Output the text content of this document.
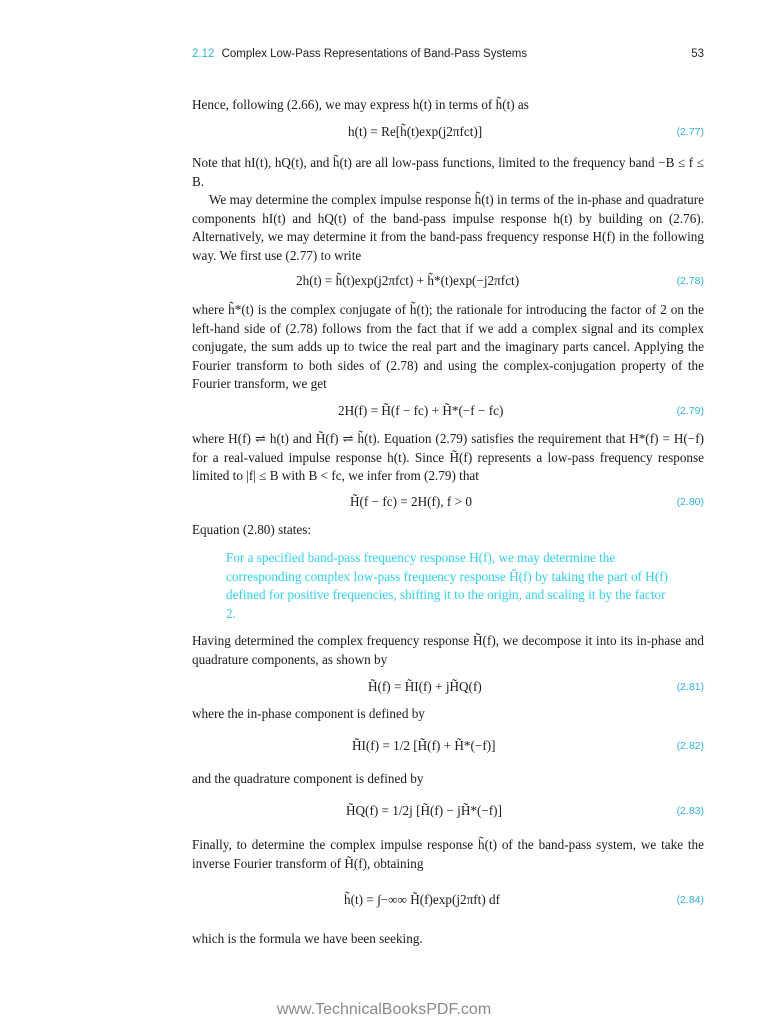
2.12 Complex Low-Pass Representations of Band-Pass Systems	53

Hence, following (2.66), we may express h(t) in terms of h̃(t) as

h(t) = Re[h̃(t)exp(j2πfct)]	(2.77)

Note that hI(t), hQ(t), and h̃(t) are all low-pass functions, limited to the frequency band −B ≤ f ≤ B.

We may determine the complex impulse response h̃(t) in terms of the in-phase and quadrature components hI(t) and hQ(t) of the band-pass impulse response h(t) by building on (2.76). Alternatively, we may determine it from the band-pass frequency response H(f) in the following way. We first use (2.77) to write

2h(t) = h̃(t)exp(j2πfct) + h̃*(t)exp(−j2πfct)	(2.78)

where h̃*(t) is the complex conjugate of h̃(t); the rationale for introducing the factor of 2 on the left-hand side of (2.78) follows from the fact that if we add a complex signal and its complex conjugate, the sum adds up to twice the real part and the imaginary parts cancel. Applying the Fourier transform to both sides of (2.78) and using the complex-conjugation property of the Fourier transform, we get

2H(f) = H̃(f − fc) + H̃*(−f − fc)	(2.79)

where H(f) ⇌ h(t) and H̃(f) ⇌ h̃(t). Equation (2.79) satisfies the requirement that H*(f) = H(−f) for a real-valued impulse response h(t). Since H̃(f) represents a low-pass frequency response limited to |f| ≤ B with B < fc, we infer from (2.79) that

H̃(f − fc) = 2H(f), f > 0	(2.80)

Equation (2.80) states:

For a specified band-pass frequency response H(f), we may determine the corresponding complex low-pass frequency response H̃(f) by taking the part of H(f) defined for positive frequencies, shifting it to the origin, and scaling it by the factor 2.

Having determined the complex frequency response H̃(f), we decompose it into its in-phase and quadrature components, as shown by

H̃(f) = H̃I(f) + jH̃Q(f)	(2.81)

where the in-phase component is defined by

H̃I(f) = 1/2 [H̃(f) + H̃*(−f)]	(2.82)

and the quadrature component is defined by

H̃Q(f) = 1/2j [H̃(f) − jH̃*(−f)]	(2.83)

Finally, to determine the complex impulse response h̃(t) of the band-pass system, we take the inverse Fourier transform of H̃(f), obtaining

h̃(t) = ∫−∞∞ H̃(f)exp(j2πft) df	(2.84)

which is the formula we have been seeking.

www.TechnicalBooksPDF.com
